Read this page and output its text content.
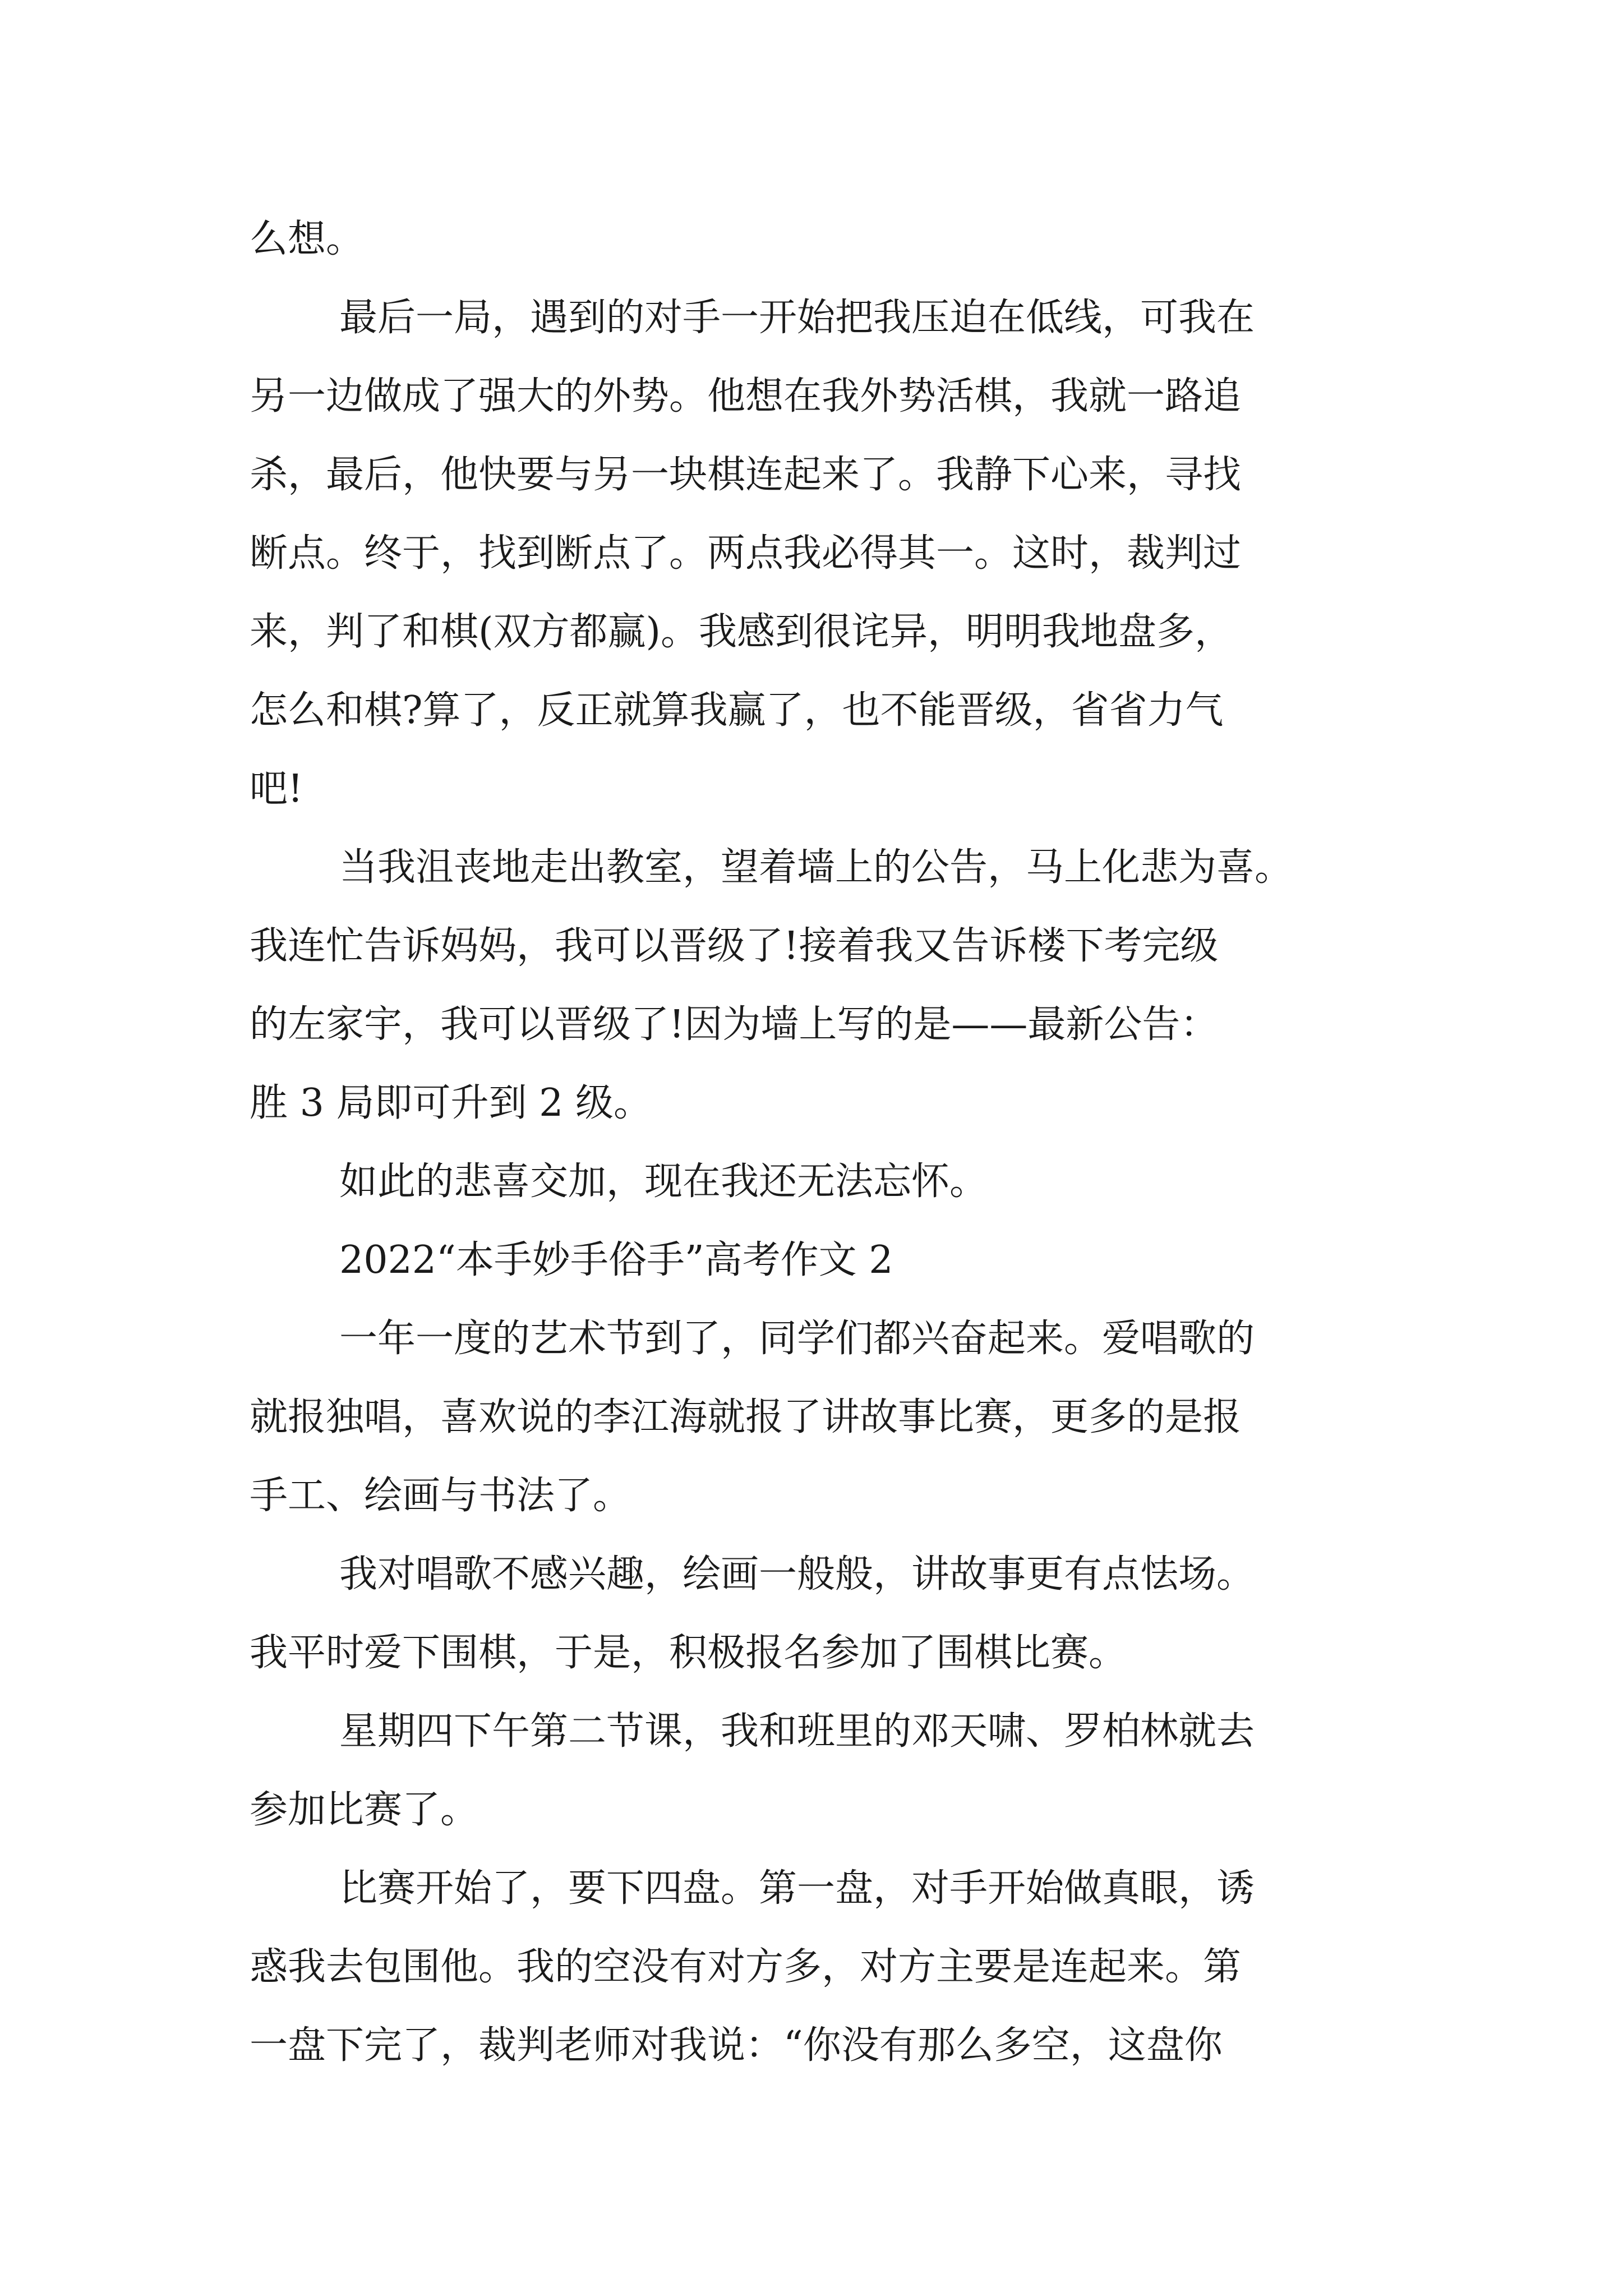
么想。
最后一局，遇到的对手一开始把我压迫在低线，可我在
另一边做成了强大的外势。他想在我外势活棋，我就一路追
杀，最后，他快要与另一块棋连起来了。我静下心来，寻找
断点。终于，找到断点了。两点我必得其一。这时，裁判过
来，判了和棋(双方都赢)。我感到很诧异，明明我地盘多，
怎么和棋?算了，反正就算我赢了，也不能晋级，省省力气
吧!
当我沮丧地走出教室，望着墙上的公告，马上化悲为喜。
我连忙告诉妈妈，我可以晋级了!接着我又告诉楼下考完级
的左家宇，我可以晋级了!因为墙上写的是——最新公告：
胜 3 局即可升到 2 级。
如此的悲喜交加，现在我还无法忘怀。
2022“本手妙手俗手”高考作文 2
一年一度的艺术节到了，同学们都兴奋起来。爱唱歌的
就报独唱，喜欢说的李江海就报了讲故事比赛，更多的是报
手工、绘画与书法了。
我对唱歌不感兴趣，绘画一般般，讲故事更有点怯场。
我平时爱下围棋，于是，积极报名参加了围棋比赛。
星期四下午第二节课，我和班里的邓天啸、罗柏林就去
参加比赛了。
比赛开始了，要下四盘。第一盘，对手开始做真眼，诱
惑我去包围他。我的空没有对方多，对方主要是连起来。第
一盘下完了，裁判老师对我说：“你没有那么多空，这盘你
